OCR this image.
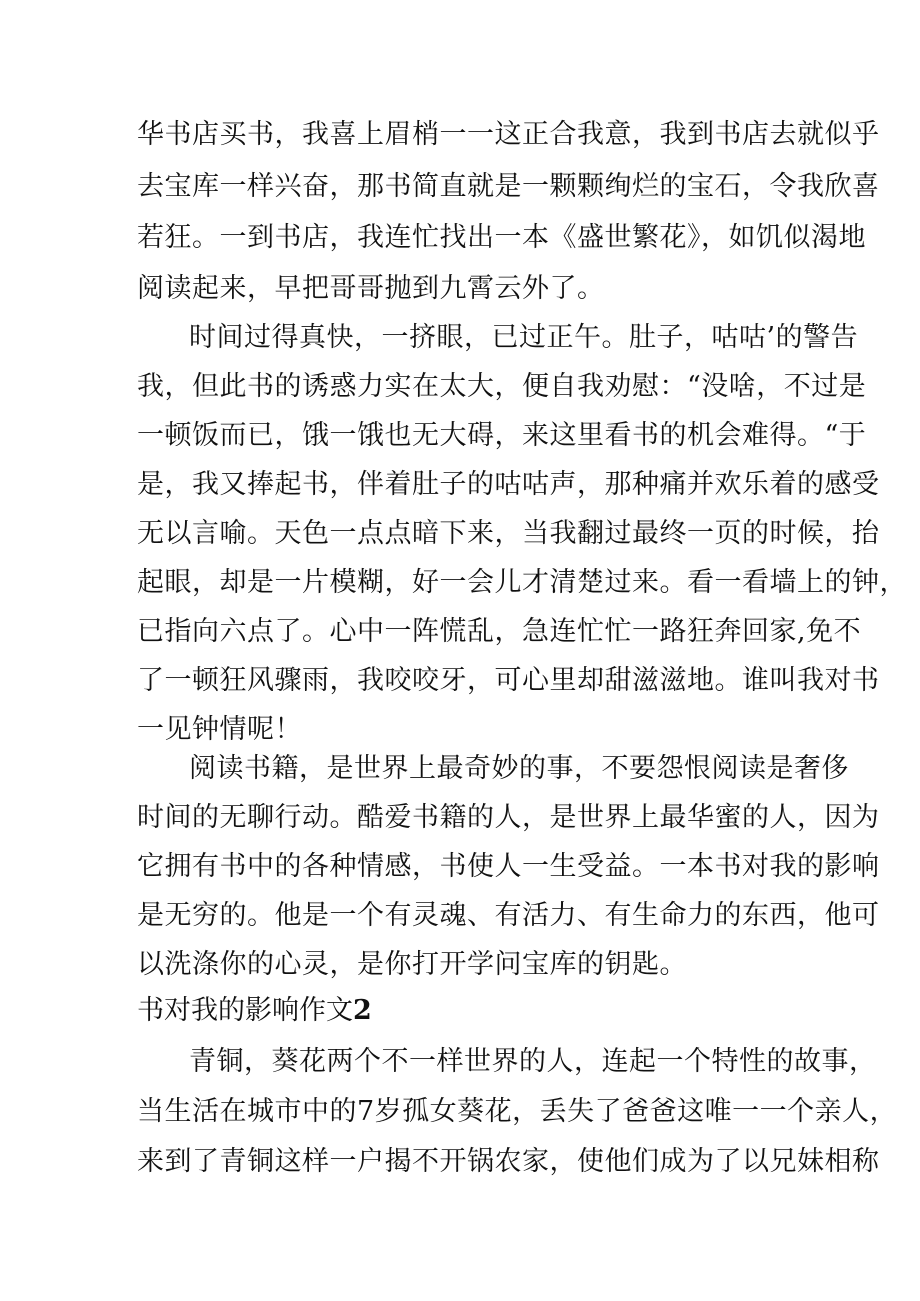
华书店买书，我喜上眉梢一一这正合我意，我到书店去就似乎
去宝库一样兴奋，那书简直就是一颗颗绚烂的宝石，令我欣喜
若狂。一到书店，我连忙找出一本《盛世繁花》，如饥似渴地
阅读起来，早把哥哥抛到九霄云外了。
时间过得真快，一挤眼，已过正午。肚子，咕咕’的警告
我，但此书的诱惑力实在太大，便自我劝慰：“没啥，不过是
一顿饭而已，饿一饿也无大碍，来这里看书的机会难得。“于
是，我又捧起书，伴着肚子的咕咕声，那种痛并欢乐着的感受
无以言喻。天色一点点暗下来，当我翻过最终一页的时候，抬
起眼，却是一片模糊，好一会儿才清楚过来。看一看墙上的钟，
已指向六点了。心中一阵慌乱，急连忙忙一路狂奔回家,免不
了一顿狂风骤雨，我咬咬牙，可心里却甜滋滋地。谁叫我对书
一见钟情呢！
阅读书籍，是世界上最奇妙的事，不要怨恨阅读是奢侈
时间的无聊行动。酷爱书籍的人，是世界上最华蜜的人，因为
它拥有书中的各种情感，书使人一生受益。一本书对我的影响
是无穷的。他是一个有灵魂、有活力、有生命力的东西，他可
以洗涤你的心灵，是你打开学问宝库的钥匙。
书对我的影响作文2
青铜，葵花两个不一样世界的人，连起一个特性的故事，
当生活在城市中的7岁孤女葵花，丢失了爸爸这唯一一个亲人，
来到了青铜这样一户揭不开锅农家，使他们成为了以兄妹相称
